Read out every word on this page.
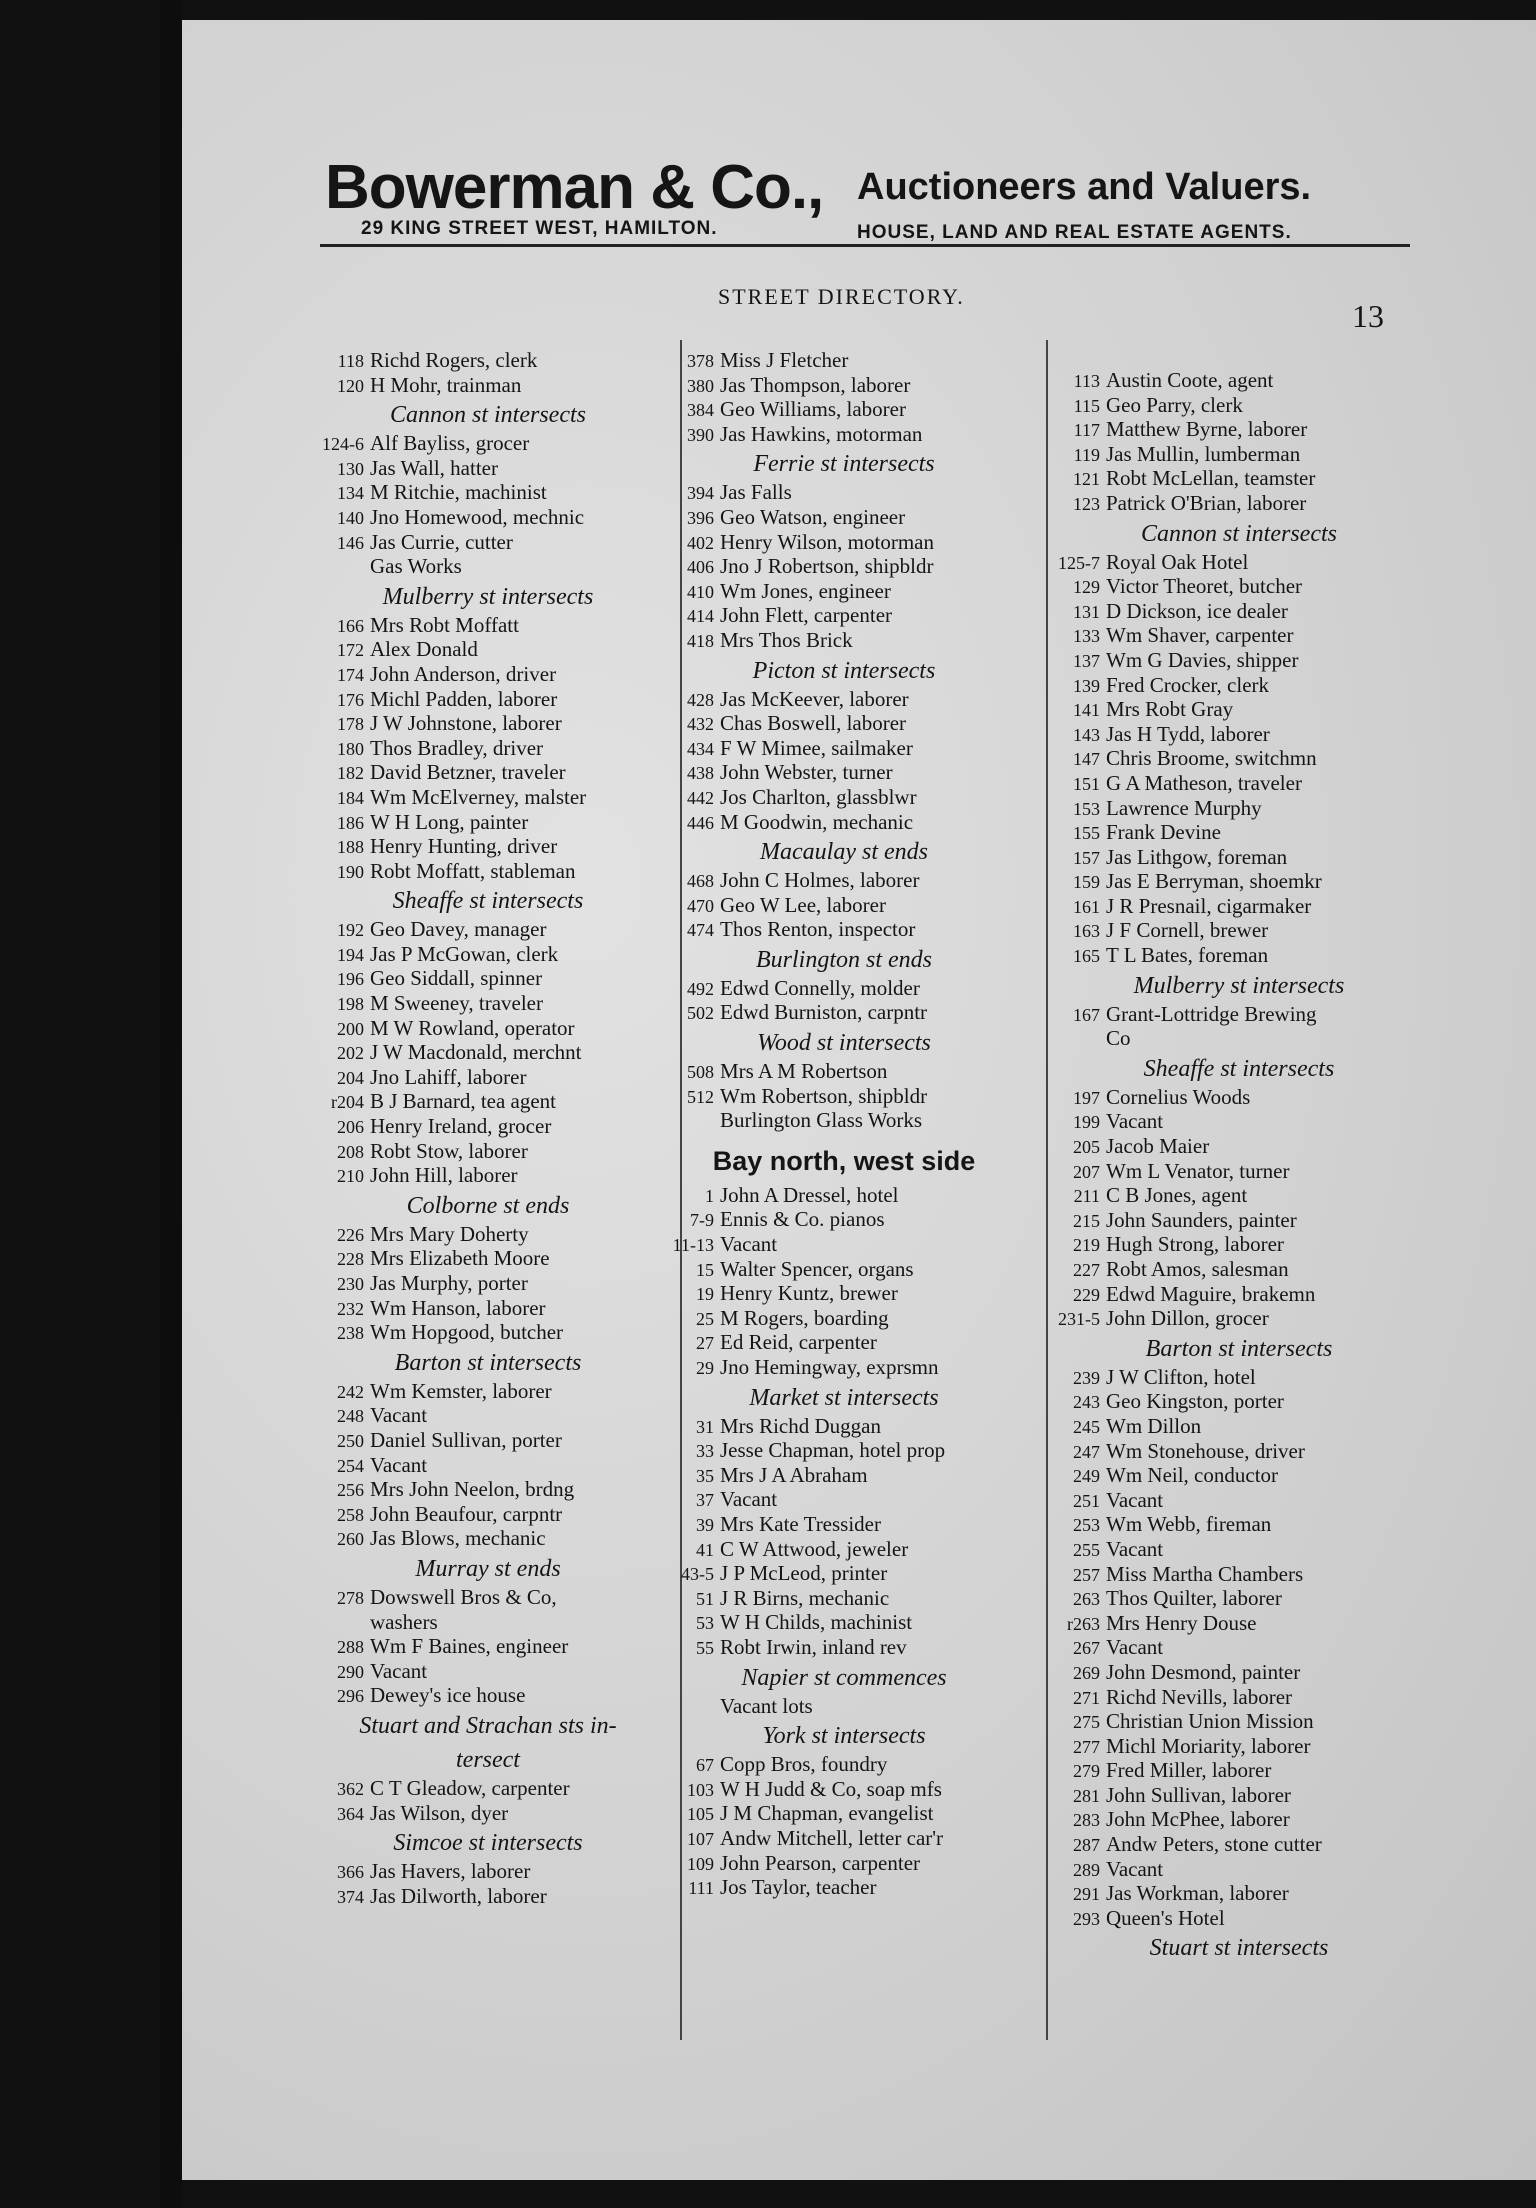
Bowerman & Co.,
29 KING STREET WEST, HAMILTON.
Auctioneers and Valuers.
HOUSE, LAND AND REAL ESTATE AGENTS.
STREET DIRECTORY.
13
118 Richd Rogers, clerk
120 H Mohr, trainman
Cannon st intersects
124-6 Alf Bayliss, grocer
130 Jas Wall, hatter
134 M Ritchie, machinist
140 Jno Homewood, mechnic
146 Jas Currie, cutter
Gas Works
Mulberry st intersects
166 Mrs Robt Moffatt
172 Alex Donald
174 John Anderson, driver
176 Michl Padden, laborer
178 J W Johnstone, laborer
180 Thos Bradley, driver
182 David Betzner, traveler
184 Wm McElverney, malster
186 W H Long, painter
188 Henry Hunting, driver
190 Robt Moffatt, stableman
Sheaffe st intersects
192 Geo Davey, manager
194 Jas P McGowan, clerk
196 Geo Siddall, spinner
198 M Sweeney, traveler
200 M W Rowland, operator
202 J W Macdonald, merchnt
204 Jno Lahiff, laborer
r204 B J Barnard, tea agent
206 Henry Ireland, grocer
208 Robt Stow, laborer
210 John Hill, laborer
Colborne st ends
226 Mrs Mary Doherty
228 Mrs Elizabeth Moore
230 Jas Murphy, porter
232 Wm Hanson, laborer
238 Wm Hopgood, butcher
Barton st intersects
242 Wm Kemster, laborer
248 Vacant
250 Daniel Sullivan, porter
254 Vacant
256 Mrs John Neelon, brdng
258 John Beaufour, carpntr
260 Jas Blows, mechanic
Murray st ends
278 Dowswell Bros & Co,
washers
288 Wm F Baines, engineer
290 Vacant
296 Dewey's ice house
Stuart and Strachan sts in-
tersect
362 C T Gleadow, carpenter
364 Jas Wilson, dyer
Simcoe st intersects
366 Jas Havers, laborer
374 Jas Dilworth, laborer
378 Miss J Fletcher
380 Jas Thompson, laborer
384 Geo Williams, laborer
390 Jas Hawkins, motorman
Ferrie st intersects
394 Jas Falls
396 Geo Watson, engineer
402 Henry Wilson, motorman
406 Jno J Robertson, shipbldr
410 Wm Jones, engineer
414 John Flett, carpenter
418 Mrs Thos Brick
Picton st intersects
428 Jas McKeever, laborer
432 Chas Boswell, laborer
434 F W Mimee, sailmaker
438 John Webster, turner
442 Jos Charlton, glassblwr
446 M Goodwin, mechanic
Macaulay st ends
468 John C Holmes, laborer
470 Geo W Lee, laborer
474 Thos Renton, inspector
Burlington st ends
492 Edwd Connelly, molder
502 Edwd Burniston, carpntr
Wood st intersects
508 Mrs A M Robertson
512 Wm Robertson, shipbldr
Burlington Glass Works
Bay north, west side
1 John A Dressel, hotel
7-9 Ennis & Co. pianos
11-13 Vacant
15 Walter Spencer, organs
19 Henry Kuntz, brewer
25 M Rogers, boarding
27 Ed Reid, carpenter
29 Jno Hemingway, exprsmn
Market st intersects
31 Mrs Richd Duggan
33 Jesse Chapman, hotel prop
35 Mrs J A Abraham
37 Vacant
39 Mrs Kate Tressider
41 C W Attwood, jeweler
43-5 J P McLeod, printer
51 J R Birns, mechanic
53 W H Childs, machinist
55 Robt Irwin, inland rev
Napier st commences
Vacant lots
York st intersects
67 Copp Bros, foundry
103 W H Judd & Co, soap mfs
105 J M Chapman, evangelist
107 Andw Mitchell, letter car'r
109 John Pearson, carpenter
111 Jos Taylor, teacher
113 Austin Coote, agent
115 Geo Parry, clerk
117 Matthew Byrne, laborer
119 Jas Mullin, lumberman
121 Robt McLellan, teamster
123 Patrick O'Brian, laborer
Cannon st intersects
125-7 Royal Oak Hotel
129 Victor Theoret, butcher
131 D Dickson, ice dealer
133 Wm Shaver, carpenter
137 Wm G Davies, shipper
139 Fred Crocker, clerk
141 Mrs Robt Gray
143 Jas H Tydd, laborer
147 Chris Broome, switchmn
151 G A Matheson, traveler
153 Lawrence Murphy
155 Frank Devine
157 Jas Lithgow, foreman
159 Jas E Berryman, shoemkr
161 J R Presnail, cigarmaker
163 J F Cornell, brewer
165 T L Bates, foreman
Mulberry st intersects
167 Grant-Lottridge Brewing
Co
Sheaffe st intersects
197 Cornelius Woods
199 Vacant
205 Jacob Maier
207 Wm L Venator, turner
211 C B Jones, agent
215 John Saunders, painter
219 Hugh Strong, laborer
227 Robt Amos, salesman
229 Edwd Maguire, brakemn
231-5 John Dillon, grocer
Barton st intersects
239 J W Clifton, hotel
243 Geo Kingston, porter
245 Wm Dillon
247 Wm Stonehouse, driver
249 Wm Neil, conductor
251 Vacant
253 Wm Webb, fireman
255 Vacant
257 Miss Martha Chambers
263 Thos Quilter, laborer
r263 Mrs Henry Douse
267 Vacant
269 John Desmond, painter
271 Richd Nevills, laborer
275 Christian Union Mission
277 Michl Moriarity, laborer
279 Fred Miller, laborer
281 John Sullivan, laborer
283 John McPhee, laborer
287 Andw Peters, stone cutter
289 Vacant
291 Jas Workman, laborer
293 Queen's Hotel
Stuart st intersects
